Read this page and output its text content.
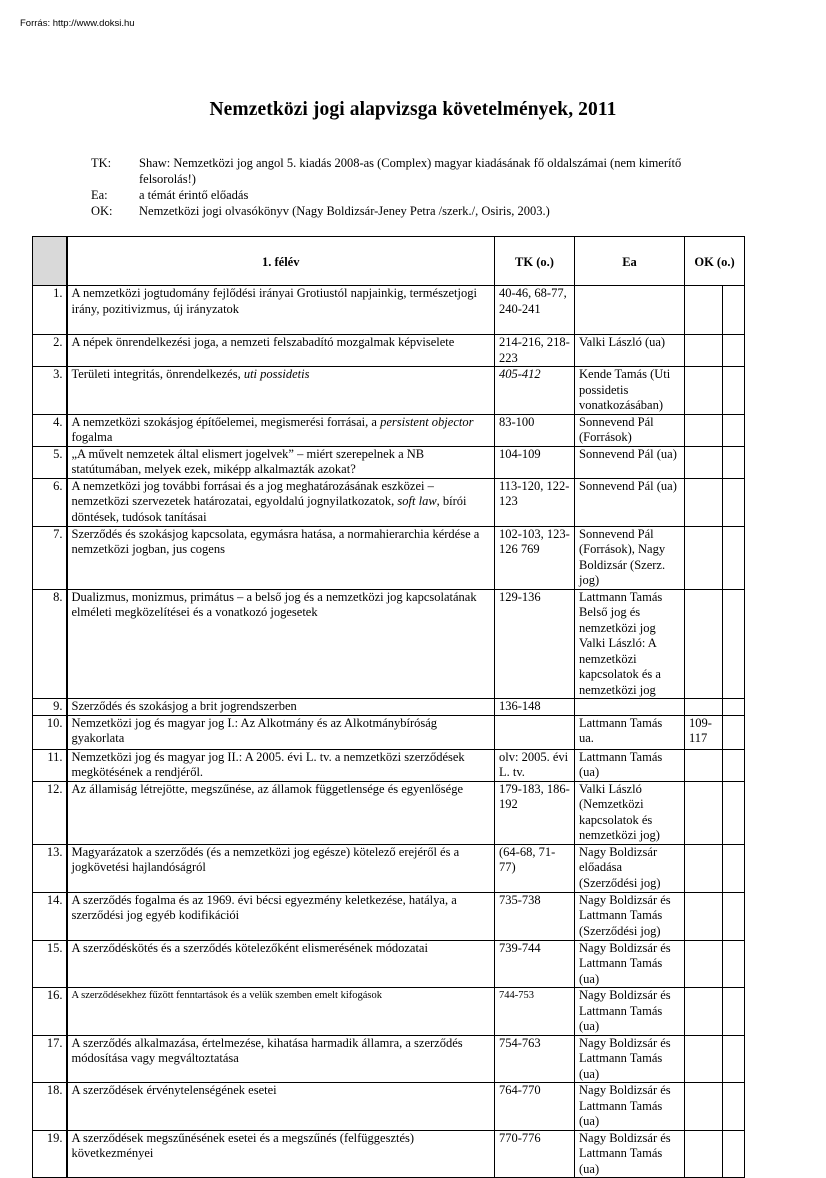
Forrás: http://www.doksi.hu
Nemzetközi jogi alapvizsga követelmények, 2011
TK:	Shaw: Nemzetközi jog angol 5. kiadás 2008-as (Complex) magyar kiadásának fő oldalszámai (nem kimerítő felsorolás!)
Ea:	a témát érintő előadás
OK:	Nemzetközi jogi olvasókönyv (Nagy Boldizsár-Jeney Petra /szerk./, Osiris, 2003.)
	1. félév	TK (o.)	Ea	OK (o.)	
1.	A nemzetközi jogtudomány fejlődési irányai Grotiustól napjainkig, természetjogi irány, pozitivizmus, új irányzatok	40-46, 68-77, 240-241			
2.	A népek önrendelkezési joga, a nemzeti felszabadító mozgalmak képviselete	214-216, 218-223	Valki László (ua)		
3.	Területi integritás, önrendelkezés, uti possidetis	405-412	Kende Tamás (Uti possidetis vonatkozásában)		
4.	A nemzetközi szokásjog építőelemei, megismerési forrásai, a persistent objector fogalma	83-100	Sonnevend Pál (Források)		
5.	„A művelt nemzetek által elismert jogelvek” – miért szerepelnek a NB statútumában, melyek ezek, miképp alkalmazták azokat?	104-109	Sonnevend Pál (ua)		
6.	A nemzetközi jog további forrásai és a jog meghatározásának eszközei – nemzetközi szervezetek határozatai, egyoldalú jognyilatkozatok, soft law, bírói döntések, tudósok tanításai	113-120, 122-123	Sonnevend Pál (ua)		
7.	Szerződés és szokásjog kapcsolata, egymásra hatása, a normahierarchia kérdése a nemzetközi jogban, jus cogens	102-103, 123-126 769	Sonnevend Pál (Források), Nagy Boldizsár (Szerz. jog)		
8.	Dualizmus, monizmus, primátus – a belső jog és a nemzetközi jog kapcsolatának elméleti megközelítései és a vonatkozó jogesetek	129-136	Lattmann Tamás Belső jog és nemzetközi jog Valki László: A nemzetközi kapcsolatok és a nemzetközi jog		
9.	Szerződés és szokásjog a brit jogrendszerben	136-148			
10.	Nemzetközi jog és magyar jog I.: Az Alkotmány és az Alkotmánybíróság gyakorlata		Lattmann Tamás ua.	109-117	
11.	Nemzetközi jog és magyar jog II.: A 2005. évi L. tv. a nemzetközi szerződések megkötésének a rendjéről.	olv: 2005. évi L. tv.	Lattmann Tamás (ua)		
12.	Az államiság létrejötte, megszűnése, az államok függetlensége és egyenlősége	179-183, 186-192	Valki László (Nemzetközi kapcsolatok és nemzetközi jog)		
13.	Magyarázatok a szerződés (és a nemzetközi jog egésze) kötelező erejéről és a jogkövetési hajlandóságról	(64-68, 71-77)	Nagy Boldizsár előadása (Szerződési jog)		
14.	A szerződés fogalma és az 1969. évi bécsi egyezmény keletkezése, hatálya, a szerződési jog egyéb kodifikációi	735-738	Nagy Boldizsár és Lattmann Tamás (Szerződési jog)		
15.	A szerződéskötés és a szerződés kötelezőként elismerésének módozatai	739-744	Nagy Boldizsár és Lattmann Tamás (ua)		
16.	A szerződésekhez fűzött fenntartások és a velük szemben emelt kifogások	744-753	Nagy Boldizsár és Lattmann Tamás (ua)		
17.	A szerződés alkalmazása, értelmezése, kihatása harmadik államra, a szerződés módosítása vagy megváltoztatása	754-763	Nagy Boldizsár és Lattmann Tamás (ua)		
18.	A szerződések érvénytelenségének esetei	764-770	Nagy Boldizsár és Lattmann Tamás (ua)		
19.	A szerződések megszűnésének esetei és a megszűnés (felfüggesztés) következményei	770-776	Nagy Boldizsár és Lattmann Tamás (ua)		
